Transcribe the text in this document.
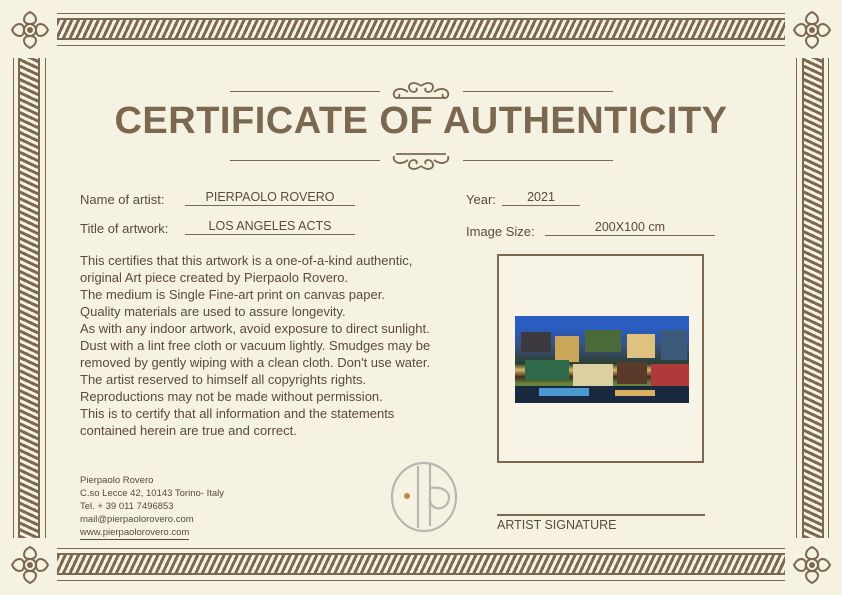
CERTIFICATE OF AUTHENTICITY
Name of artist:	PIERPAOLO ROVERO
Title of artwork:	LOS ANGELES ACTS
Year:	2021
Image Size:	200X100 cm
This certifies that this artwork is a one-of-a-kind authentic,
original Art piece created by Pierpaolo Rovero.
The medium is Single Fine-art print on canvas paper.
Quality materials are used to assure longevity.
As with any indoor artwork, avoid exposure to direct sunlight.
Dust with a lint free cloth or vacuum lightly. Smudges may be
removed by gently wiping with a clean cloth. Don't use water.
The artist reserved to himself all copyrights rights.
Reproductions may not be made without permission.
This is to certify that all information and the statements
contained herein are true and correct.
Pierpaolo Rovero
C.so Lecce 42, 10143 Torino- Italy
Tel. + 39 011 7496853
mail@pierpaolorovero.com
www.pierpaolorovero.com
ARTIST SIGNATURE
